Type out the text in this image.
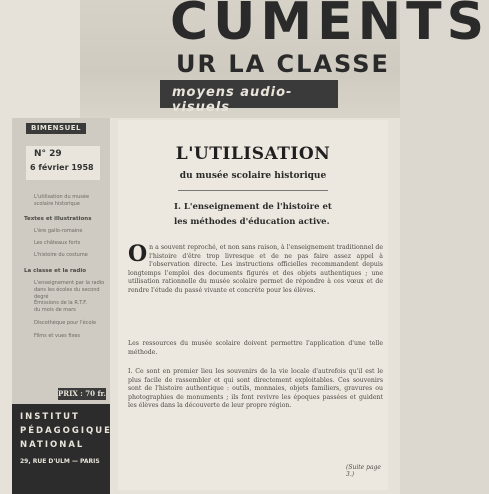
CUMENTS
UR LA CLASSE
moyens audio-visuels
BIMENSUEL
N° 29
6 février 1958
L'utilisation du musée
scolaire historique
Textes et illustrations
L'ère gallo-romaine
Les châteaux forts
L'histoire du costume
La classe et la radio
L'enseignement par la radio
dans les écoles du second degré
Émissions de la R.T.F.
du mois de mars
Discothèque pour l'école
Films et vues fixes
INSTITUT
PÉDAGOGIQUE
NATIONAL
29, RUE D'ULM — PARIS
PRIX : 70 fr.
L'UTILISATION
du musée scolaire historique
I. L'enseignement de l'histoire et
les méthodes d'éducation active.
On a souvent reproché, et non sans raison, à l'enseignement traditionnel de l'histoire d'être trop livresque et de ne pas faire assez appel à l'observation directe. Les instructions officielles recommandent depuis longtemps l'emploi des documents figurés et des objets authentiques ; une utilisation rationnelle du musée scolaire permet de répondre à ces vœux et de rendre l'étude du passé vivante et concrète pour les élèves.
Les ressources du musée scolaire doivent permettre l'application d'une telle méthode.
I. Ce sont en premier lieu les souvenirs de la vie locale d'autrefois qu'il est le plus facile de rassembler et qui sont directement exploitables. Ces souvenirs sont de l'histoire authentique : outils, monnaies, objets familiers, gravures ou photographies de monuments ; ils font revivre les époques passées et guident les élèves dans la découverte de leur propre région.
(Suite page 3.)
